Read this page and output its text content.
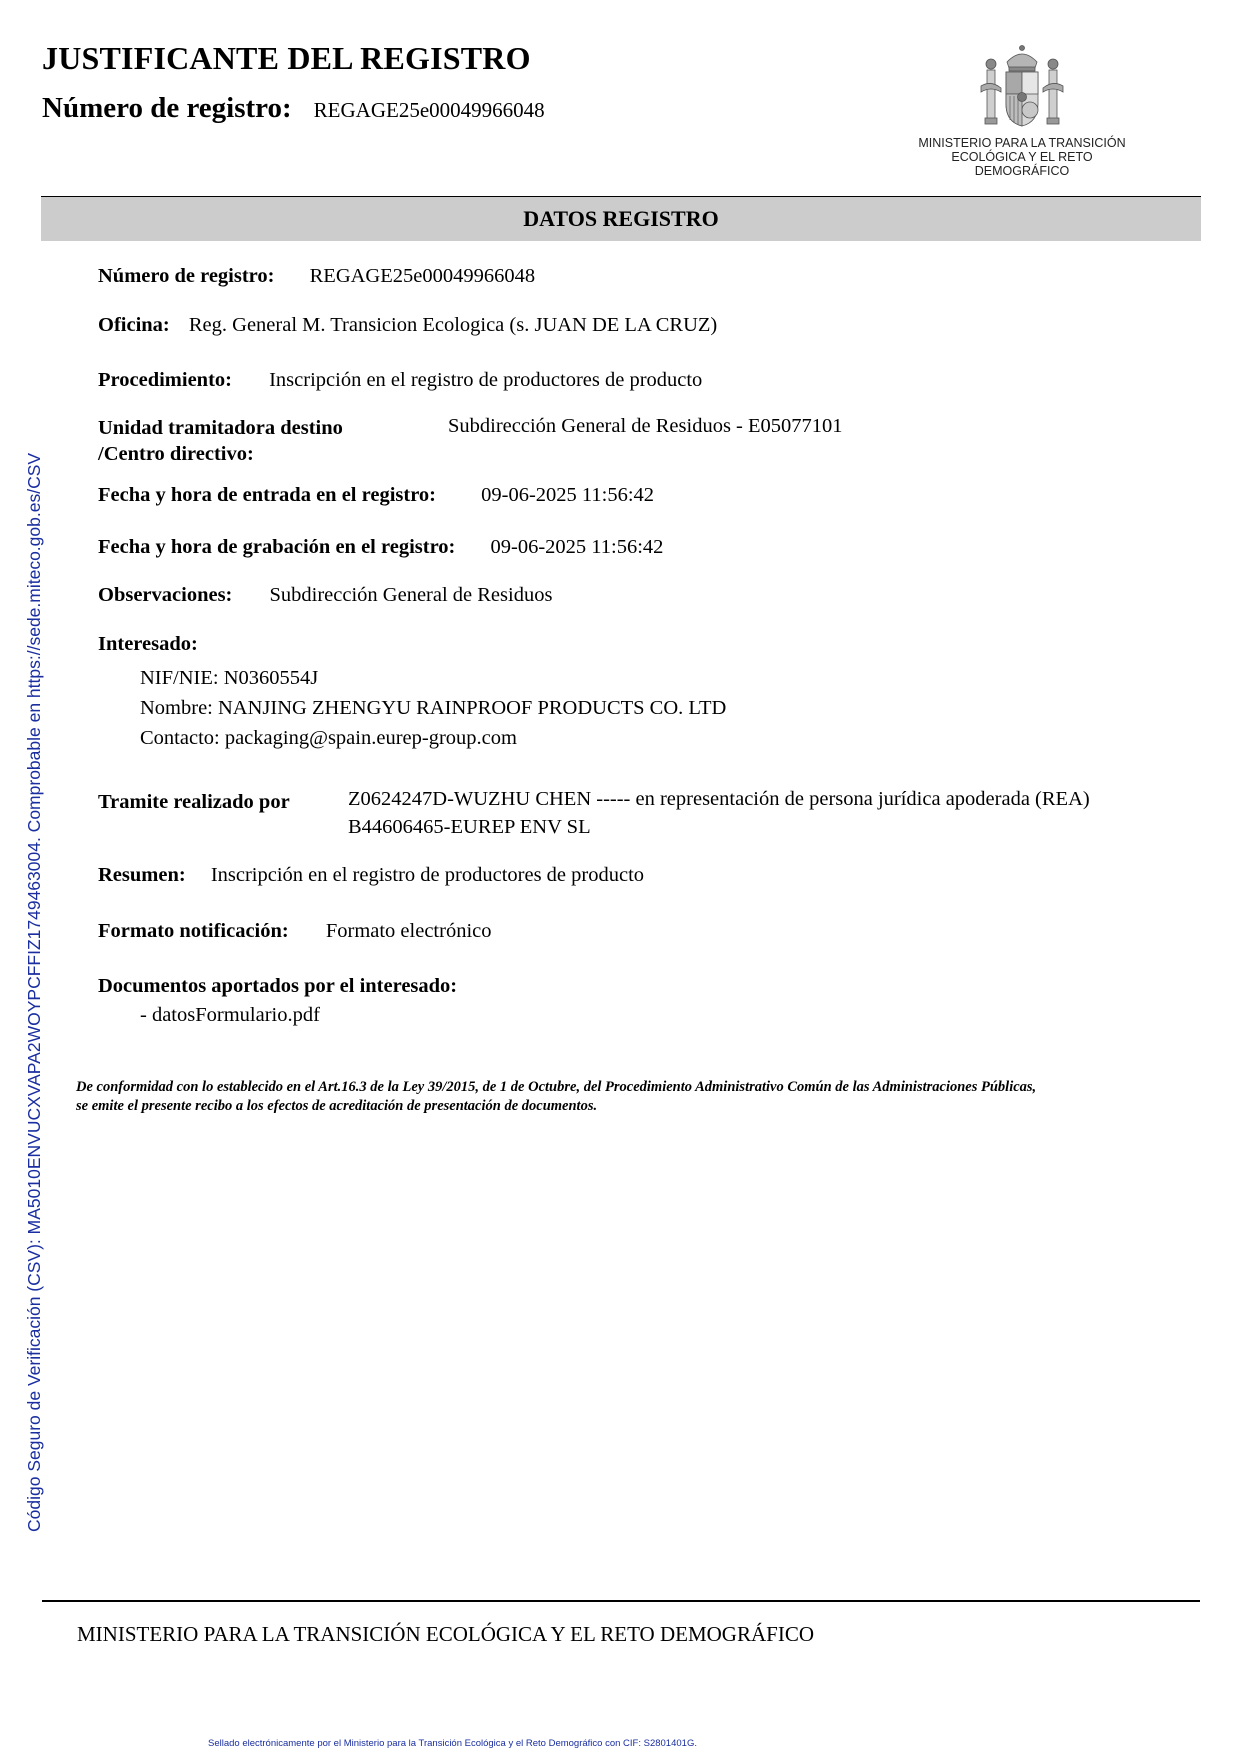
JUSTIFICANTE DEL REGISTRO
Número de registro: REGAGE25e00049966048
MINISTERIO PARA LA TRANSICIÓN
ECOLÓGICA Y EL RETO
DEMOGRÁFICO
DATOS REGISTRO
Número de registro: REGAGE25e00049966048
Oficina: Reg. General M. Transicion Ecologica (s. JUAN DE LA CRUZ)
Procedimiento: Inscripción en el registro de productores de producto
Unidad tramitadora destino
/Centro directivo:
Subdirección General de Residuos - E05077101
Fecha y hora de entrada en el registro: 09-06-2025 11:56:42
Fecha y hora de grabación en el registro: 09-06-2025 11:56:42
Observaciones: Subdirección General de Residuos
Interesado:
NIF/NIE: N0360554J
Nombre: NANJING ZHENGYU RAINPROOF PRODUCTS CO. LTD
Contacto: packaging@spain.eurep-group.com
Tramite realizado por	Z0624247D-WUZHU CHEN ----- en representación de persona jurídica apoderada (REA)
B44606465-EUREP ENV SL
Resumen: Inscripción en el registro de productores de producto
Formato notificación: Formato electrónico
Documentos aportados por el interesado:
- datosFormulario.pdf
De conformidad con lo establecido en el Art.16.3 de la Ley 39/2015, de 1 de Octubre, del Procedimiento Administrativo Común de las Administraciones Públicas,
se emite el presente recibo a los efectos de acreditación de presentación de documentos.
Código Seguro de Verificación (CSV): MA5010ENVUCXVAPA2WOYPCFFIZ1749463004. Comprobable en https://sede.miteco.gob.es/CSV
MINISTERIO PARA LA TRANSICIÓN ECOLÓGICA Y EL RETO DEMOGRÁFICO
Sellado electrónicamente por el Ministerio para la Transición Ecológica y el Reto Demográfico con CIF: S2801401G.
